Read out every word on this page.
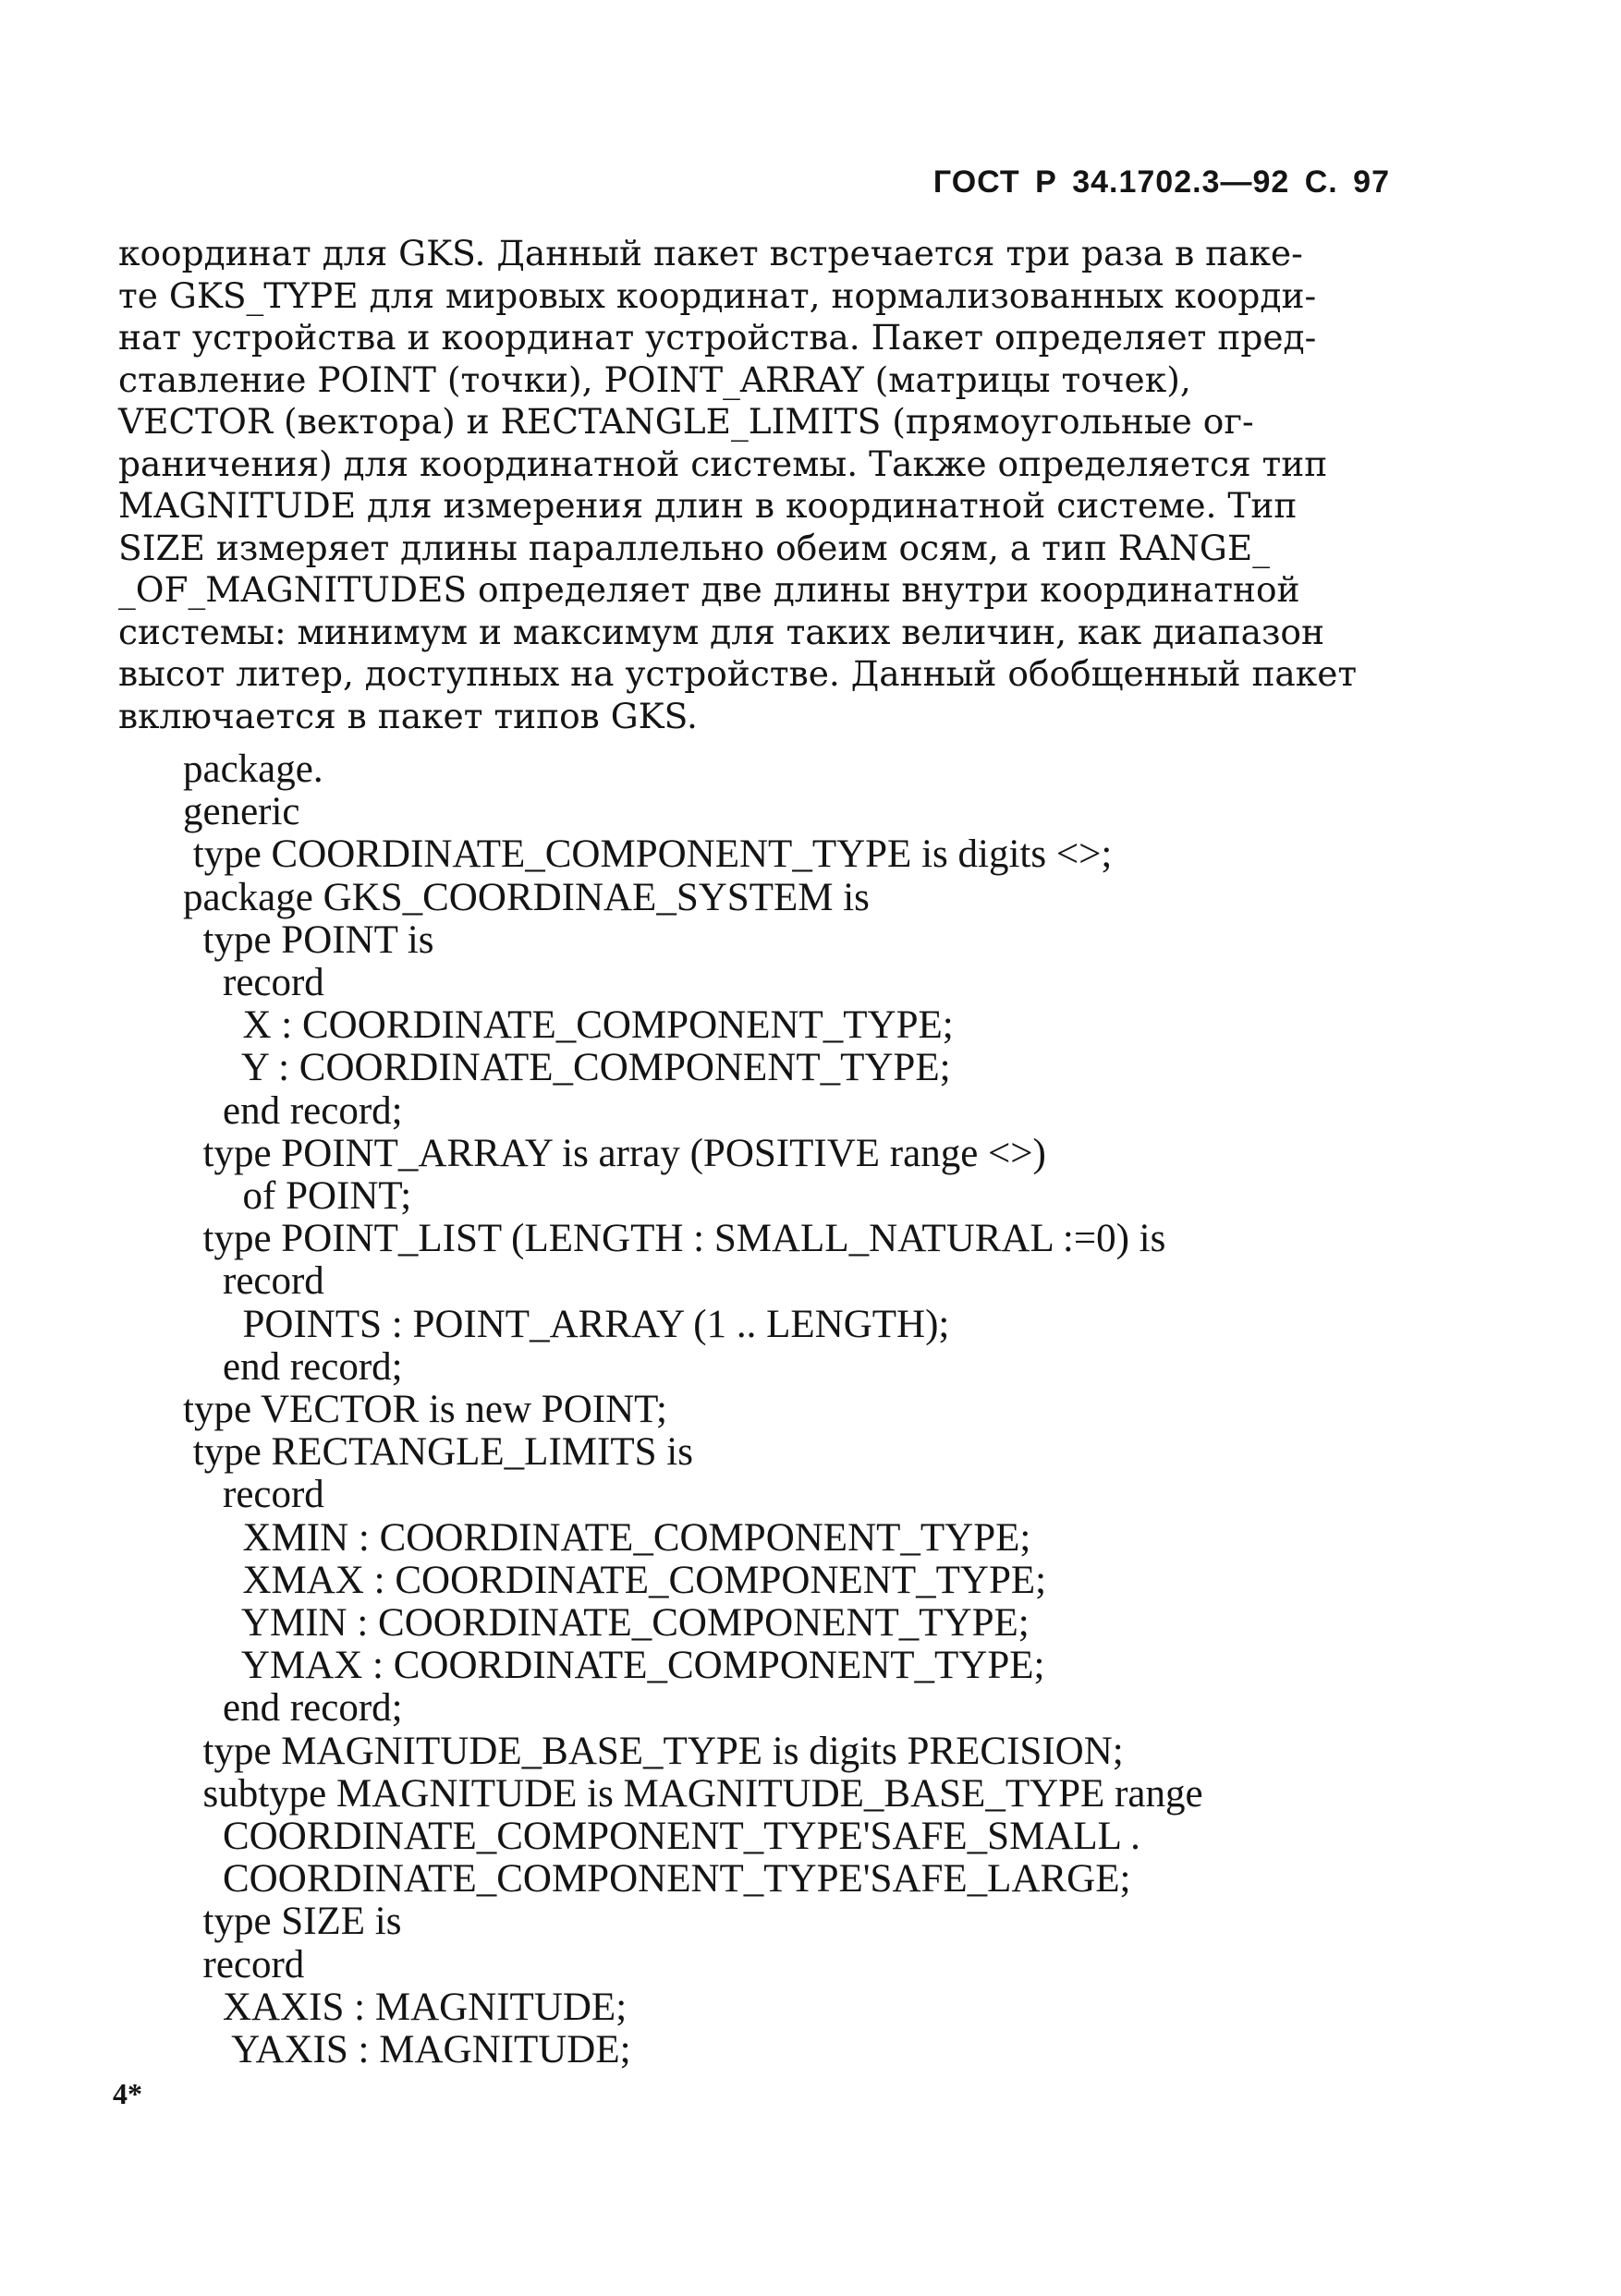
ГОСТ Р 34.1702.3—92 С. 97
координат для GKS. Данный пакет встречается три раза в паке-
те GKS_TYPE для мировых координат, нормализованных коорди-
нат устройства и координат устройства. Пакет определяет пред-
ставление POINT (точки), POINT_ARRAY (матрицы точек),
VECTOR (вектора) и RECTANGLE_LIMITS (прямоугольные ог-
раничения) для координатной системы. Также определяется тип
MAGNITUDE для измерения длин в координатной системе. Тип
SIZE измеряет длины параллельно обеим осям, а тип RANGE_
_OF_MAGNITUDES определяет две длины внутри координатной
системы: минимум и максимум для таких величин, как диапазон
высот литер, доступных на устройстве. Данный обобщенный пакет
включается в пакет типов GKS.
package.
generic
type COORDINATE_COMPONENT_TYPE is digits <>;
package GKS_COORDINAE_SYSTEM is
type POINT is
record
X : COORDINATE_COMPONENT_TYPE;
Y : COORDINATE_COMPONENT_TYPE;
end record;
type POINT_ARRAY is array (POSITIVE range <>)
of POINT;
type POINT_LIST (LENGTH : SMALL_NATURAL :=0) is
record
POINTS : POINT_ARRAY (1 .. LENGTH);
end record;
type VECTOR is new POINT;
type RECTANGLE_LIMITS is
record
XMIN : COORDINATE_COMPONENT_TYPE;
XMAX : COORDINATE_COMPONENT_TYPE;
YMIN : COORDINATE_COMPONENT_TYPE;
YMAX : COORDINATE_COMPONENT_TYPE;
end record;
type MAGNITUDE_BASE_TYPE is digits PRECISION;
subtype MAGNITUDE is MAGNITUDE_BASE_TYPE range
COORDINATE_COMPONENT_TYPE'SAFE_SMALL .
COORDINATE_COMPONENT_TYPE'SAFE_LARGE;
type SIZE is
record
XAXIS : MAGNITUDE;
YAXIS : MAGNITUDE;
4*
